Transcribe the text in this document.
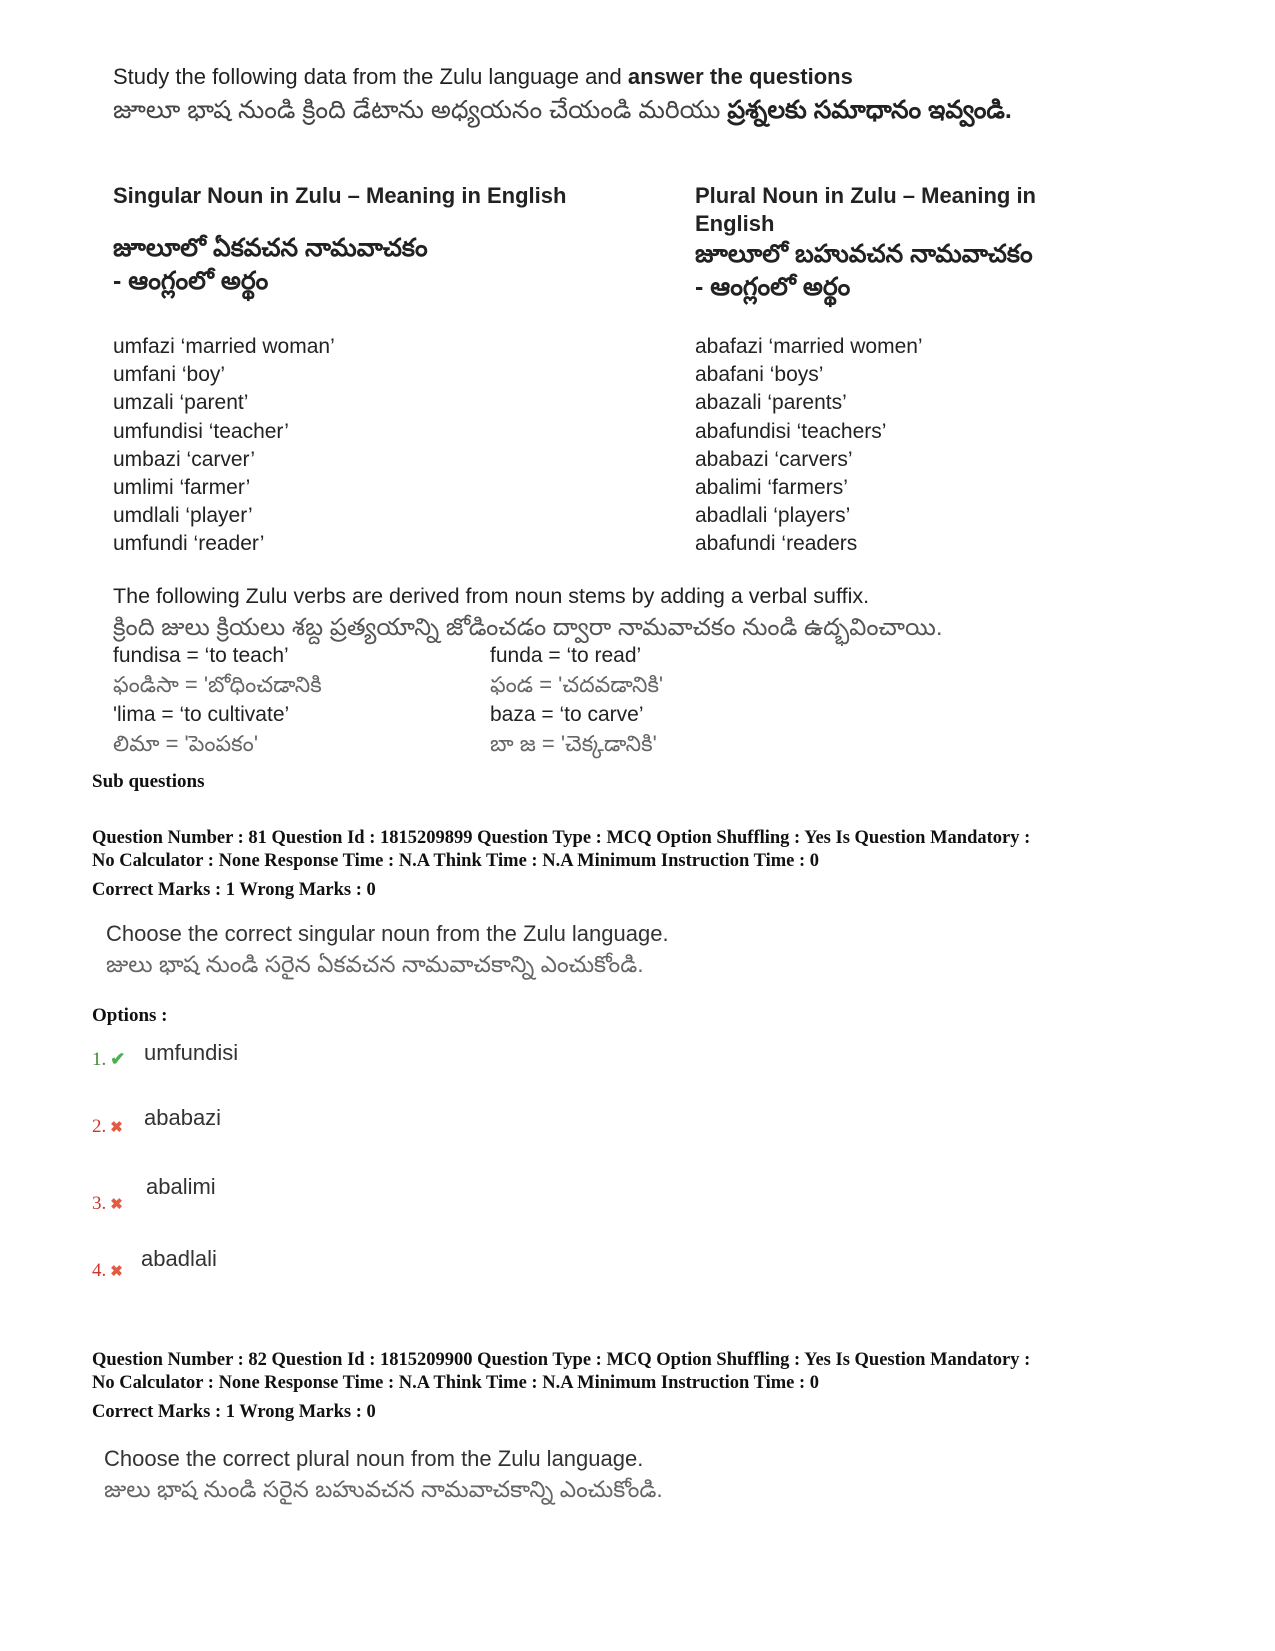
Study the following data from the Zulu language and answer the questions
జూలూ భాష నుండి క్రింది డేటాను అధ్యయనం చేయండి మరియు ప్రశ్నలకు సమాధానం ఇవ్వండి.
Singular Noun in Zulu – Meaning in English
జూలూలో ఏకవచన నామవాచకం
- ఆంగ్లంలో అర్థం
Plural Noun in Zulu – Meaning in
English
జూలూలో బహువచన నామవాచకం
- ఆంగ్లంలో అర్థం
umfazi ‘married woman’
umfani ‘boy’
umzali ‘parent’
umfundisi ‘teacher’
umbazi ‘carver’
umlimi ‘farmer’
umdlali ‘player’
umfundi ‘reader’
abafazi ‘married women’
abafani ‘boys’
abazali ‘parents’
abafundisi ‘teachers’
ababazi ‘carvers’
abalimi ‘farmers’
abadlali ‘players’
abafundi ‘readers
The following Zulu verbs are derived from noun stems by adding a verbal suffix.
క్రింది జులు క్రియలు శబ్ద ప్రత్యయాన్ని జోడించడం ద్వారా నామవాచకం నుండి ఉద్భవించాయి.
fundisa = ‘to teach’
ఫండిసా = 'బోధించడానికి
'lima = ‘to cultivate’
లిమా = 'పెంపకం'
funda = ‘to read’
ఫండ = 'చదవడానికి'
baza = ‘to carve’
బా జ = 'చెక్కడానికి'
Sub questions
Question Number : 81 Question Id : 1815209899 Question Type : MCQ Option Shuffling : Yes Is Question Mandatory :
No Calculator : None Response Time : N.A Think Time : N.A Minimum Instruction Time : 0
Correct Marks : 1 Wrong Marks : 0
Choose the correct singular noun from the Zulu language.
జులు భాష నుండి సరైన ఏకవచన నామవాచకాన్ని ఎంచుకోండి.
Options :
1. ✔ umfundisi
2. ✖ ababazi
3. ✖
abalimi
4. ✖
abadlali
Question Number : 82 Question Id : 1815209900 Question Type : MCQ Option Shuffling : Yes Is Question Mandatory :
No Calculator : None Response Time : N.A Think Time : N.A Minimum Instruction Time : 0
Correct Marks : 1 Wrong Marks : 0
Choose the correct plural noun from the Zulu language.
జులు భాష నుండి సరైన బహువచన నామవాచకాన్ని ఎంచుకోండి.
